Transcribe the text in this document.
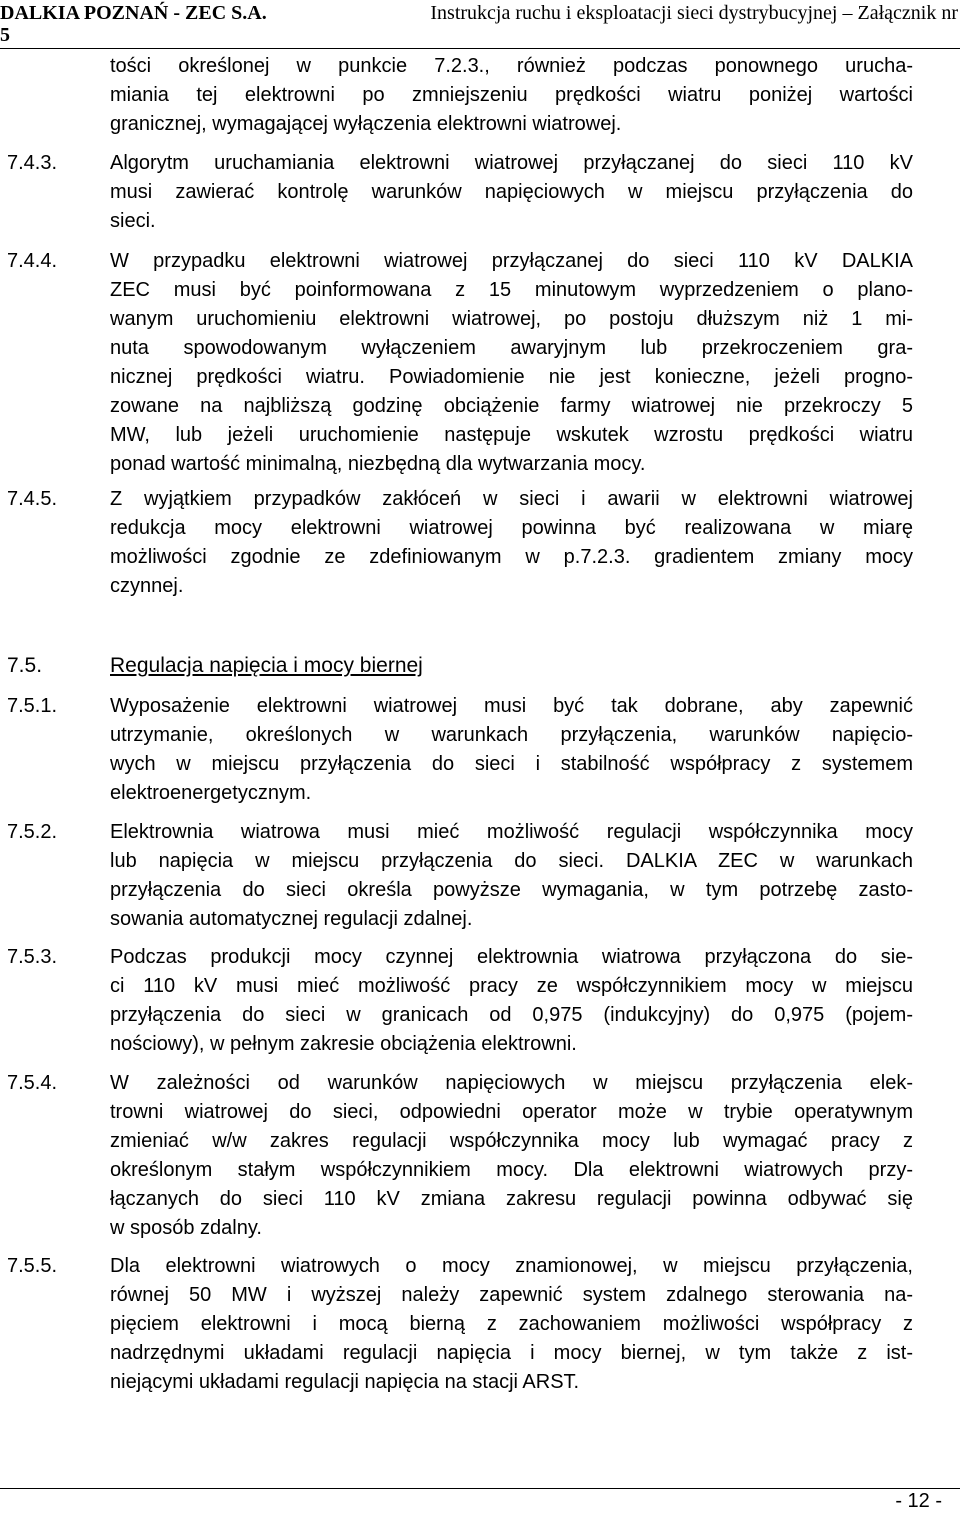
DALKIA POZNAŃ - ZEC S.A.	Instrukcja ruchu i eksploatacji sieci dystrybucyjnej – Załącznik nr
5
tości określonej w punkcie 7.2.3., również podczas ponownego urucha-
miania tej elektrowni po zmniejszeniu prędkości wiatru poniżej wartości
granicznej, wymagającej wyłączenia elektrowni wiatrowej.
7.4.3.	Algorytm uruchamiania elektrowni wiatrowej przyłączanej do sieci 110 kV
musi zawierać kontrolę warunków napięciowych w miejscu przyłączenia do
sieci.
7.4.4.	W przypadku elektrowni wiatrowej przyłączanej do sieci 110 kV DALKIA
ZEC musi być poinformowana z 15 minutowym wyprzedzeniem o plano-
wanym uruchomieniu elektrowni wiatrowej, po postoju dłuższym niż 1 mi-
nuta spowodowanym wyłączeniem awaryjnym lub przekroczeniem gra-
nicznej prędkości wiatru. Powiadomienie nie jest konieczne, jeżeli progno-
zowane na najbliższą godzinę obciążenie farmy wiatrowej nie przekroczy 5
MW, lub jeżeli uruchomienie następuje wskutek wzrostu prędkości wiatru
ponad wartość minimalną, niezbędną dla wytwarzania mocy.
7.4.5.	Z wyjątkiem przypadków zakłóceń w sieci i awarii w elektrowni wiatrowej
redukcja mocy elektrowni wiatrowej powinna być realizowana w miarę
możliwości zgodnie ze zdefiniowanym w p.7.2.3. gradientem zmiany mocy
czynnej.
7.5.	Regulacja napięcia i mocy biernej
7.5.1.	Wyposażenie elektrowni wiatrowej musi być tak dobrane, aby zapewnić
utrzymanie, określonych w warunkach przyłączenia, warunków napięcio-
wych w miejscu przyłączenia do sieci i stabilność współpracy z systemem
elektroenergetycznym.
7.5.2.	Elektrownia wiatrowa musi mieć możliwość regulacji współczynnika mocy
lub napięcia w miejscu przyłączenia do sieci. DALKIA ZEC w warunkach
przyłączenia do sieci określa powyższe wymagania, w tym potrzebę zasto-
sowania automatycznej regulacji zdalnej.
7.5.3.	Podczas produkcji mocy czynnej elektrownia wiatrowa przyłączona do sie-
ci 110 kV musi mieć możliwość pracy ze współczynnikiem mocy w miejscu
przyłączenia do sieci w granicach od 0,975 (indukcyjny) do 0,975 (pojem-
nościowy), w pełnym zakresie obciążenia elektrowni.
7.5.4.	W zależności od warunków napięciowych w miejscu przyłączenia elek-
trowni wiatrowej do sieci, odpowiedni operator może w trybie operatywnym
zmieniać w/w zakres regulacji współczynnika mocy lub wymagać pracy z
określonym stałym współczynnikiem mocy. Dla elektrowni wiatrowych przy-
łączanych do sieci 110 kV zmiana zakresu regulacji powinna odbywać się
w sposób zdalny.
7.5.5.	Dla elektrowni wiatrowych o mocy znamionowej, w miejscu przyłączenia,
równej 50 MW i wyższej należy zapewnić system zdalnego sterowania na-
pięciem elektrowni i mocą bierną z zachowaniem możliwości współpracy z
nadrzędnymi układami regulacji napięcia i mocy biernej, w tym także z ist-
niejącymi układami regulacji napięcia na stacji ARST.
- 12 -
